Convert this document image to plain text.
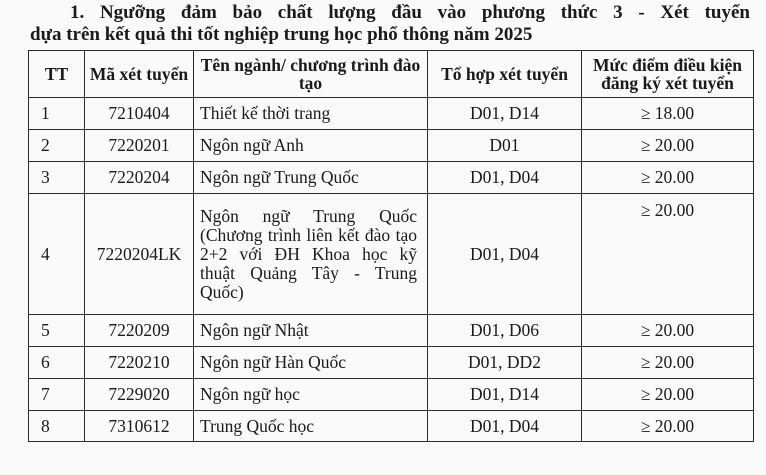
1. Ngưỡng đảm bảo chất lượng đầu vào phương thức 3 - Xét tuyển
dựa trên kết quả thi tốt nghiệp trung học phổ thông năm 2025
TT	Mã xét tuyển	Tên ngành/ chương trình đào tạo	Tổ hợp xét tuyển	Mức điểm điều kiện đăng ký xét tuyển
1	7210404	Thiết kế thời trang	D01, D14	≥ 18.00
2	7220201	Ngôn ngữ Anh	D01	≥ 20.00
3	7220204	Ngôn ngữ Trung Quốc	D01, D04	≥ 20.00
4	7220204LK	Ngôn ngữ Trung Quốc (Chương trình liên kết đào tạo 2+2 với ĐH Khoa học kỹ thuật Quảng Tây - Trung Quốc)	D01, D04	≥ 20.00
5	7220209	Ngôn ngữ Nhật	D01, D06	≥ 20.00
6	7220210	Ngôn ngữ Hàn Quốc	D01, DD2	≥ 20.00
7	7229020	Ngôn ngữ học	D01, D14	≥ 20.00
8	7310612	Trung Quốc học	D01, D04	≥ 20.00
